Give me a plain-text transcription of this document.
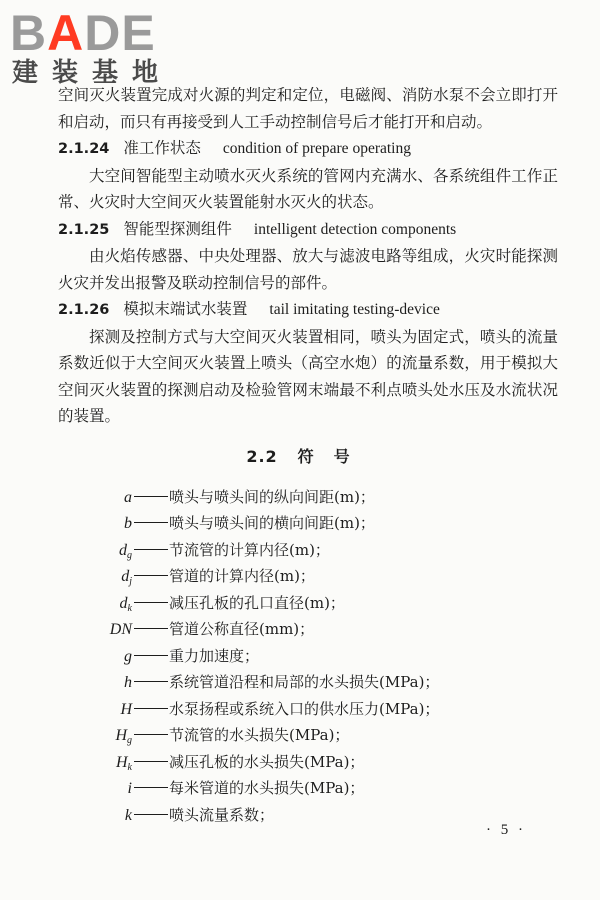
BADE
建装基地

空间灭火装置完成对火源的判定和定位，电磁阀、消防水泵不会立即打开和启动，而只有再接受到人工手动控制信号后才能打开和启动。

2.1.24 准工作状态 condition of prepare operating

大空间智能型主动喷水灭火系统的管网内充满水、各系统组件工作正常、火灾时大空间灭火装置能射水灭火的状态。

2.1.25 智能型探测组件 intelligent detection components

由火焰传感器、中央处理器、放大与滤波电路等组成，火灾时能探测火灾并发出报警及联动控制信号的部件。

2.1.26 模拟末端试水装置 tail imitating testing-device

探测及控制方式与大空间灭火装置相同，喷头为固定式，喷头的流量系数近似于大空间灭火装置上喷头（高空水炮）的流量系数，用于模拟大空间灭火装置的探测启动及检验管网末端最不利点喷头处水压及水流状况的装置。

2.2 符号
a 喷头与喷头间的纵向间距(m)；
b 喷头与喷头间的横向间距(m)；
$d_g$ 节流管的计算内径(m)；
$d_j$ 管道的计算内径(m)；
$d_k$ 减压孔板的孔口直径(m)；
DN 管道公称直径(mm)；
g 重力加速度；
h 系统管道沿程和局部的水头损失(MPa)；
H 水泵扬程或系统入口的供水压力(MPa)；
$H_g$ 节流管的水头损失(MPa)；
$H_k$ 减压孔板的水头损失(MPa)；
i 每米管道的水头损失(MPa)；
k 喷头流量系数；
· 5 ·
